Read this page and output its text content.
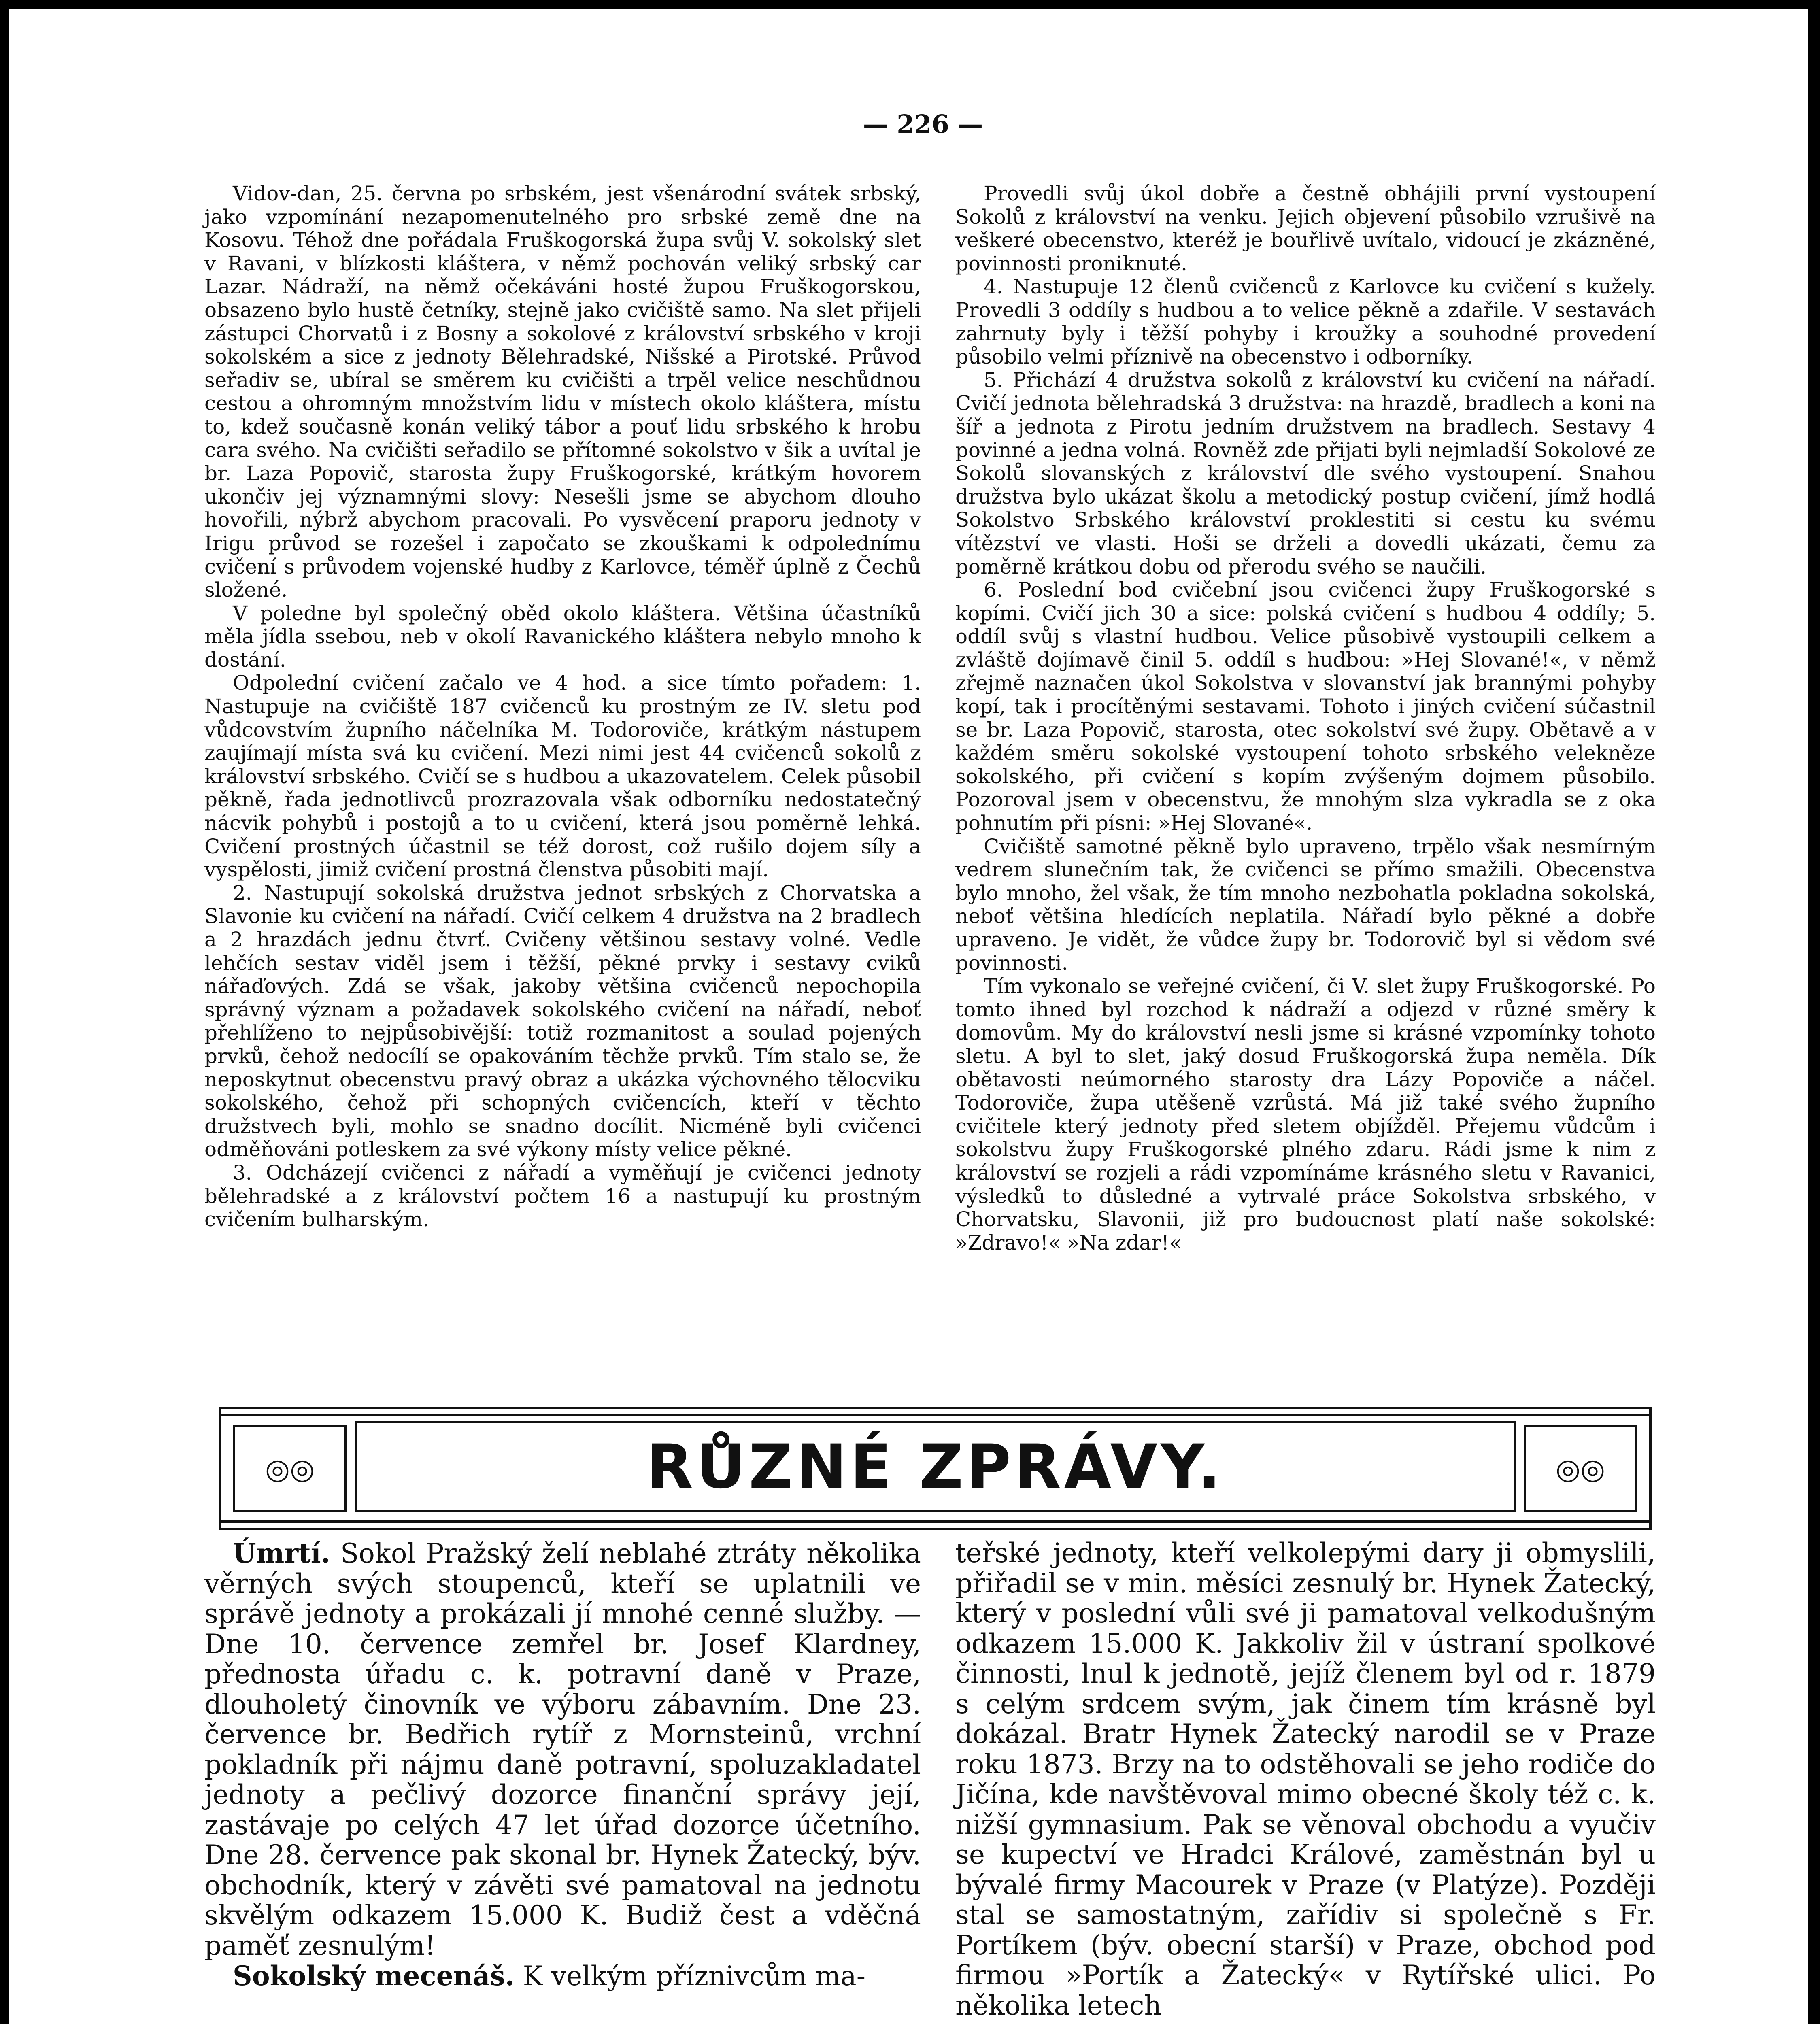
— 226 —

Vidov-dan, 25. června po srbském, jest všenárodní svátek srbský, jako vzpomínání nezapomenutelného pro srbské země dne na Kosovu. Téhož dne pořádala Fruškogorská župa svůj V. sokolský slet v Ravani, v blízkosti kláštera, v němž pochován veliký srbský car Lazar. Nádraží, na němž očekáváni hosté župou Fruškogorskou, obsazeno bylo hustě četníky, stejně jako cvičiště samo. Na slet přijeli zástupci Chorvatů i z Bosny a sokolové z království srbského v kroji sokolském a sice z jednoty Bělehradské, Nišské a Pirotské. Průvod seřadiv se, ubíral se směrem ku cvičišti a trpěl velice neschůdnou cestou a ohromným množstvím lidu v místech okolo kláštera, místu to, kdež současně konán veliký tábor a pouť lidu srbského k hrobu cara svého. Na cvičišti seřadilo se přítomné sokolstvo v šik a uvítal je br. Laza Popovič, starosta župy Fruškogorské, krátkým hovorem ukončiv jej významnými slovy: Nesešli jsme se abychom dlouho hovořili, nýbrž abychom pracovali. Po vysvěcení praporu jednoty v Irigu průvod se rozešel i započato se zkouškami k odpolednímu cvičení s průvodem vojenské hudby z Karlovce, téměř úplně z Čechů složené.

V poledne byl společný oběd okolo kláštera. Většina účastníků měla jídla ssebou, neb v okolí Ravanického kláštera nebylo mnoho k dostání.

Odpolední cvičení začalo ve 4 hod. a sice tímto pořadem: 1. Nastupuje na cvičiště 187 cvičenců ku prostným ze IV. sletu pod vůdcovstvím župního náčelníka M. Todoroviče, krátkým nástupem zaujímají místa svá ku cvičení. Mezi nimi jest 44 cvičenců sokolů z království srbského. Cvičí se s hudbou a ukazovatelem. Celek působil pěkně, řada jednotlivců prozrazovala však odborníku nedostatečný nácvik pohybů i postojů a to u cvičení, která jsou poměrně lehká. Cvičení prostných účastnil se též dorost, což rušilo dojem síly a vyspělosti, jimiž cvičení prostná členstva působiti mají.

2. Nastupují sokolská družstva jednot srbských z Chorvatska a Slavonie ku cvičení na nářadí. Cvičí celkem 4 družstva na 2 bradlech a 2 hrazdách jednu čtvrť. Cvičeny většinou sestavy volné. Vedle lehčích sestav viděl jsem i těžší, pěkné prvky i sestavy cviků nářaďových. Zdá se však, jakoby většina cvičenců nepochopila správný význam a požadavek sokolského cvičení na nářadí, neboť přehlíženo to nejpůsobivější: totiž rozmanitost a soulad pojených prvků, čehož nedocílí se opakováním těchže prvků. Tím stalo se, že neposkytnut obecenstvu pravý obraz a ukázka výchovného tělocviku sokolského, čehož při schopných cvičencích, kteří v těchto družstvech byli, mohlo se snadno docílit. Nicméně byli cvičenci odměňováni potleskem za své výkony místy velice pěkné.

3. Odcházejí cvičenci z nářadí a vyměňují je cvičenci jednoty bělehradské a z království počtem 16 a nastupují ku prostným cvičením bulharským.

Provedli svůj úkol dobře a čestně obhájili první vystoupení Sokolů z království na venku. Jejich objevení působilo vzrušivě na veškeré obecenstvo, kteréž je bouřlivě uvítalo, vidoucí je zkázněné, povinnosti proniknuté.

4. Nastupuje 12 členů cvičenců z Karlovce ku cvičení s kužely. Provedli 3 oddíly s hudbou a to velice pěkně a zdařile. V sestavách zahrnuty byly i těžší pohyby i kroužky a souhodné provedení působilo velmi příznivě na obecenstvo i odborníky.

5. Přichází 4 družstva sokolů z království ku cvičení na nářadí. Cvičí jednota bělehradská 3 družstva: na hrazdě, bradlech a koni na šíř a jednota z Pirotu jedním družstvem na bradlech. Sestavy 4 povinné a jedna volná. Rovněž zde přijati byli nejmladší Sokolové ze Sokolů slovanských z království dle svého vystoupení. Snahou družstva bylo ukázat školu a metodický postup cvičení, jímž hodlá Sokolstvo Srbského království proklestiti si cestu ku svému vítězství ve vlasti. Hoši se drželi a dovedli ukázati, čemu za poměrně krátkou dobu od přerodu svého se naučili.

6. Poslední bod cvičební jsou cvičenci župy Fruškogorské s kopími. Cvičí jich 30 a sice: polská cvičení s hudbou 4 oddíly; 5. oddíl svůj s vlastní hudbou. Velice působivě vystoupili celkem a zvláště dojímavě činil 5. oddíl s hudbou: »Hej Slované!«, v němž zřejmě naznačen úkol Sokolstva v slovanství jak brannými pohyby kopí, tak i procítěnými sestavami. Tohoto i jiných cvičení súčastnil se br. Laza Popovič, starosta, otec sokolství své župy. Obětavě a v každém směru sokolské vystoupení tohoto srbského velekněze sokolského, při cvičení s kopím zvýšeným dojmem působilo. Pozoroval jsem v obecenstvu, že mnohým slza vykradla se z oka pohnutím při písni: »Hej Slované«.

Cvičiště samotné pěkně bylo upraveno, trpělo však nesmírným vedrem slunečním tak, že cvičenci se přímo smažili. Obecenstva bylo mnoho, žel však, že tím mnoho nezbohatla pokladna sokolská, neboť většina hledících neplatila. Nářadí bylo pěkné a dobře upraveno. Je vidět, že vůdce župy br. Todorovič byl si vědom své povinnosti.

Tím vykonalo se veřejné cvičení, či V. slet župy Fruškogorské. Po tomto ihned byl rozchod k nádraží a odjezd v různé směry k domovům. My do království nesli jsme si krásné vzpomínky tohoto sletu. A byl to slet, jaký dosud Fruškogorská župa neměla. Dík obětavosti neúmorného starosty dra Lázy Popoviče a náčel. Todoroviče, župa utěšeně vzrůstá. Má již také svého župního cvičitele který jednoty před sletem objížděl. Přejemu vůdcům i sokolstvu župy Fruškogorské plného zdaru. Rádi jsme k nim z království se rozjeli a rádi vzpomínáme krásného sletu v Ravanici, výsledků to důsledné a vytrvalé práce Sokolstva srbského, v Chorvatsku, Slavonii, již pro budoucnost platí naše sokolské: »Zdravo!« »Na zdar!«

◎◎	RŮZNÉ ZPRÁVY.	◎◎

Úmrtí. Sokol Pražský želí neblahé ztráty několika věrných svých stoupenců, kteří se uplatnili ve správě jednoty a prokázali jí mnohé cenné služby. — Dne 10. července zemřel br. Josef Klardney, přednosta úřadu c. k. potravní daně v Praze, dlouholetý činovník ve výboru zábavním. Dne 23. července br. Bedřich rytíř z Mornsteinů, vrchní pokladník při nájmu daně potravní, spoluzakladatel jednoty a pečlivý dozorce finanční správy její, zastávaje po celých 47 let úřad dozorce účetního. Dne 28. července pak skonal br. Hynek Žatecký, býv. obchodník, který v závěti své pamatoval na jednotu skvělým odkazem 15.000 K. Budiž čest a vděčná paměť zesnulým!

Sokolský mecenáš. K velkým příznivcům ma-

teřské jednoty, kteří velkolepými dary ji obmyslili, přiřadil se v min. měsíci zesnulý br. Hynek Žatecký, který v poslední vůli své ji pamatoval velkodušným odkazem 15.000 K. Jakkoliv žil v ústraní spolkové činnosti, lnul k jednotě, jejíž členem byl od r. 1879 s celým srdcem svým, jak činem tím krásně byl dokázal. Bratr Hynek Žatecký narodil se v Praze roku 1873. Brzy na to odstěhovali se jeho rodiče do Jičína, kde navštěvoval mimo obecné školy též c. k. nižší gymnasium. Pak se věnoval obchodu a vyučiv se kupectví ve Hradci Králové, zaměstnán byl u bývalé firmy Macourek v Praze (v Platýze). Později stal se samostatným, zařídiv si společně s Fr. Portíkem (býv. obecní starší) v Praze, obchod pod firmou »Portík a Žatecký« v Rytířské ulici. Po několika letech
